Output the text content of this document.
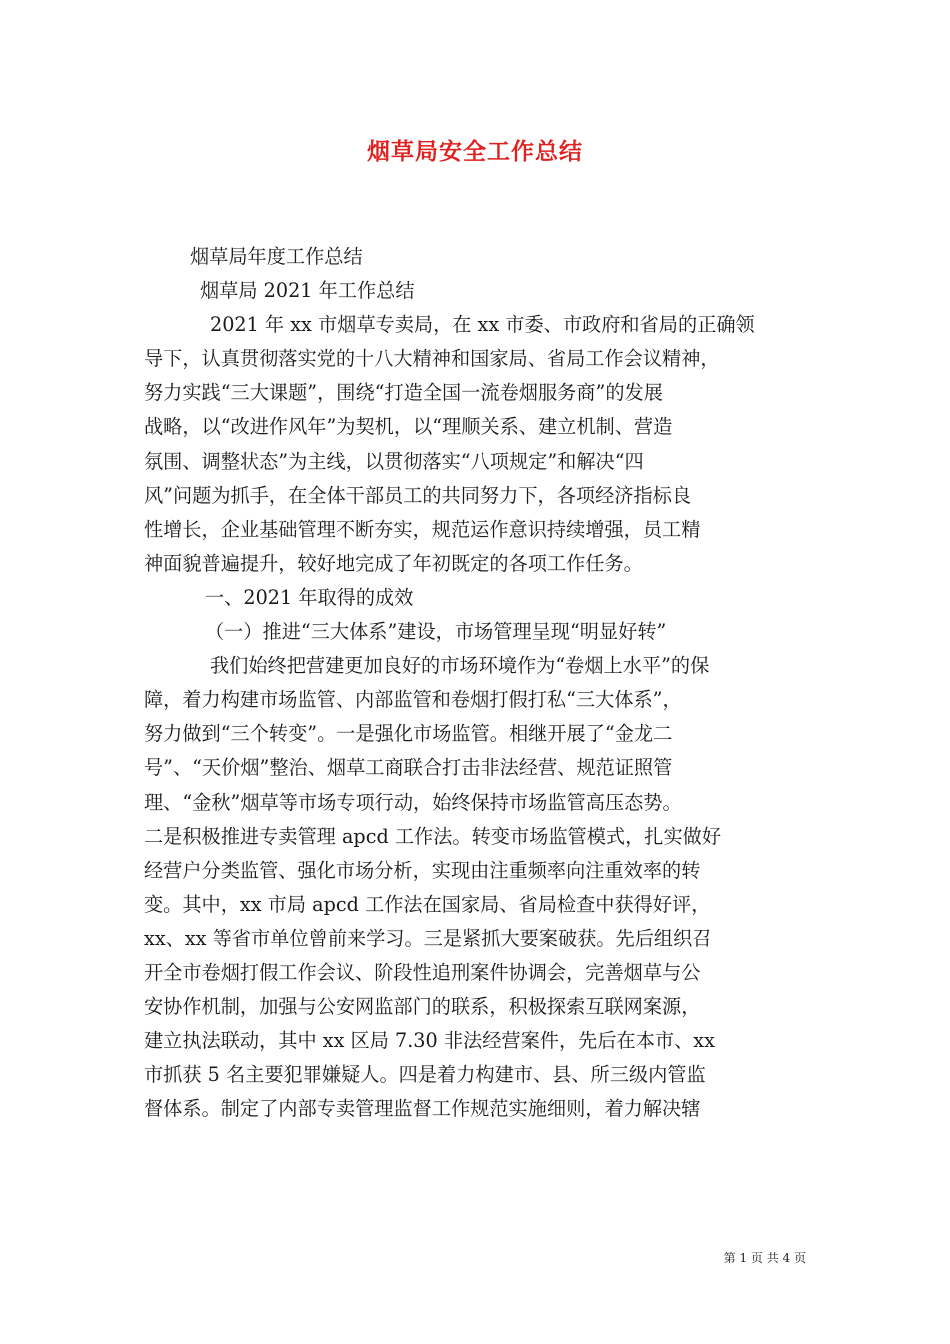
烟草局安全工作总结

烟草局年度工作总结

烟草局 2021 年工作总结

2021 年 xx 市烟草专卖局，在 xx 市委、市政府和省局的正确领

导下，认真贯彻落实党的十八大精神和国家局、省局工作会议精神，

努力实践“三大课题”，围绕“打造全国一流卷烟服务商”的发展

战略，以“改进作风年”为契机，以“理顺关系、建立机制、营造

氛围、调整状态”为主线，以贯彻落实“八项规定”和解决“四

风”问题为抓手，在全体干部员工的共同努力下，各项经济指标良

性增长，企业基础管理不断夯实，规范运作意识持续增强，员工精

神面貌普遍提升，较好地完成了年初既定的各项工作任务。

一、2021 年取得的成效

（一）推进“三大体系”建设，市场管理呈现“明显好转”

我们始终把营建更加良好的市场环境作为“卷烟上水平”的保

障，着力构建市场监管、内部监管和卷烟打假打私“三大体系”，

努力做到“三个转变”。一是强化市场监管。相继开展了“金龙二

号”、“天价烟”整治、烟草工商联合打击非法经营、规范证照管

理、“金秋”烟草等市场专项行动，始终保持市场监管高压态势。

二是积极推进专卖管理 apcd 工作法。转变市场监管模式，扎实做好

经营户分类监管、强化市场分析，实现由注重频率向注重效率的转

变。其中，xx 市局 apcd 工作法在国家局、省局检查中获得好评，

xx、xx 等省市单位曾前来学习。三是紧抓大要案破获。先后组织召

开全市卷烟打假工作会议、阶段性追刑案件协调会，完善烟草与公

安协作机制，加强与公安网监部门的联系，积极探索互联网案源，

建立执法联动，其中 xx 区局 7.30 非法经营案件，先后在本市、xx

市抓获 5 名主要犯罪嫌疑人。四是着力构建市、县、所三级内管监

督体系。制定了内部专卖管理监督工作规范实施细则，着力解决辖

第 1 页 共 4 页
